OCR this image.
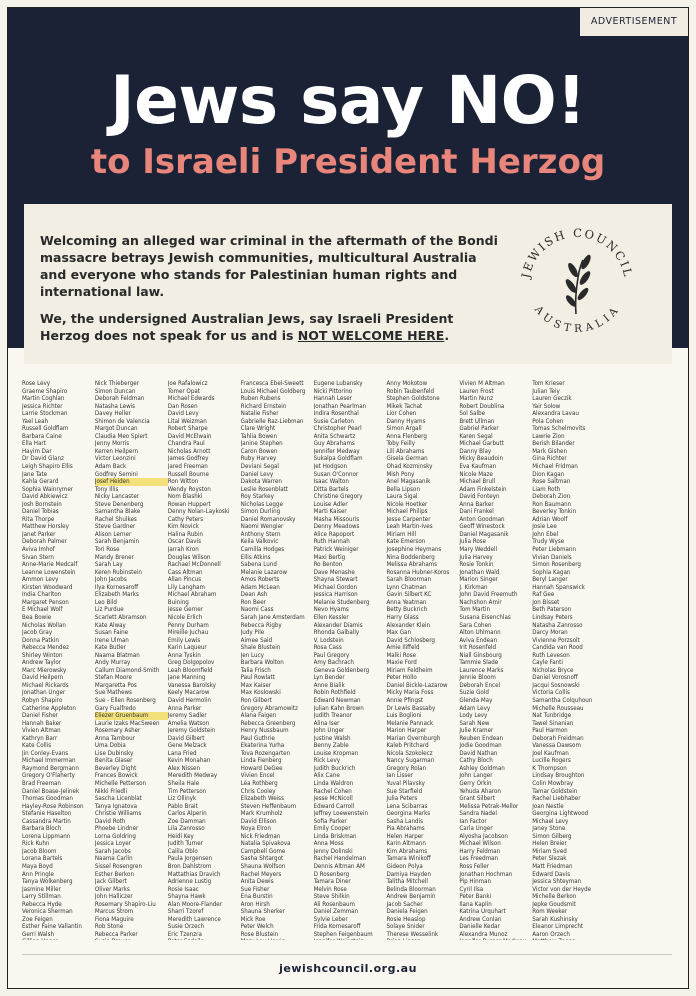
ADVERTISEMENT
Jews say NO!
to Israeli President Herzog

Welcoming an alleged war criminal in the aftermath of the Bondi massacre betrays Jewish communities, multicultural Australia and everyone who stands for Palestinian human rights and international law.

We, the undersigned Australian Jews, say Israeli President Herzog does not speak for us and is NOT WELCOME HERE.

JEWISH COUNCIL
AUSTRALIA
Rose Levy
Graeme Shapiro
Martin Coghlan
Jessica Richter
Larrie Stockman
Yael Leah
Russell Goldflam
Barbara Caine
Ella Hart
Hayim Dar
Dr David Glanz
Leigh Shapiro Ellis
Jane Tate
Kahla Gerard
Sophia Wainrymer
David Abkiewicz
Josh Bornstein
Daniel Tobias
Rita Thorpe
Matthew Horsley
Janet Parker
Deborah Palmer
Aviva Imhof
Sivan Stern
Anne-Marie Medcalf
Leanne Lowenstein
Ammon Levy
Kirsten Woodward
India Charlton
Margaret Penson
E Michael Wolf
Bea Bowie
Nicholas Wollan
Jacob Gray
Donna Patkin
Rebecca Mendez
Shirley Winton
Andrew Taylor
Marc Mierowsky
David Heilpern
Michael Rickards
Jonathan Unger
Robyn Shapiro
Catherine Appleton
Daniel Fisher
Hannah Baker
Vivien Altman
Kathryn Barr
Kate Collis
Jin Conley-Evans
Michael Immerman
Raymond Bergmann
Gregory O'Flaherty
Brad Freeman
Daniel Boase-Jelinek
Thomas Goodman
Hayley-Rose Robinson
Stefanie Haselton
Cassandra Martin
Barbara Bloch
Lorena Lippmann
Rick Kuhn
Jacob Bloom
Lorana Bartels
Maya Boyd
Ann Pringle
Tanya Wolkenberg
Jasmine Miller
Larry Stillman
Rebecca Hyde
Veronica Sherman
Zoe Feigen
Esther Faine Vallantin
Gerri Walsh
Nick Thieberger
Simon Duncan
Deborah Feldman
Natasha Lewis
Davey Heller
Shimon de Valencia
Margot Duncan
Claudia Meo Spiert
Jenny Morris
Kerren Heilpern
Victor Leonzini
Adam Back
Godfrey Semini
Josef Heiden
Tony Illis
Nicky Lancaster
Steve Denenberg
Samantha Blake
Rachel Shulkes
Steve Gardner
Alison Lerner
Sarah Benjamin
Tori Rose
Mandy Brener
Sarah Lay
Keren Rubinstein
John Jacobs
Ilya Kornesaroff
Elizabeth Marks
Leo Bild
Liz Purdue
Scarlett Abramson
Kate Alway
Susan Faine
Irene Ulman
Kate Butler
Naama Blatman
Andy Murray
Callum Diamond-Smith
Stefan Moore
Margaretta Pos
Sue Mathews
Sue - Ellen Rosenberg
Gary Fualfredo
Eliezer Gruenbaum
Laurie Izaks MacSween
Rosemary Asher
Anna Tambour
Uma Dobia
Lise Dubinsky
Benita Glaser
Beverley Dight
Frances Bowick
Michelle Petterson
Nikki Friedli
Sascha Licenblat
Tanya Ignatova
Christie Williams
David Roth
Phoebe Lindner
Lorna Goldring
Jessica Loyer
Sarah Jacobs
Naama Carlin
Sissel Rosengren
Esther Berkon
Jack Gilbert
Oliver Marks
John Halliczer
Rosemary Shapiro-Liu
Marcus Strom
Fiona Maguire
Rob Stone
Rebecca Parker
Joe Rafalowicz
Tomer Opat
Michael Edwards
Dan Rosen
David Levy
Lital Weizman
Robert Sharpe
David McElwain
Chandra Paul
Nicholas Arnott
James Godfrey
Jared Freeman
Russell Bourne
Ron Witton
Wendy Royston
Nom Blashki
Rowan Huppert
Denny Nolan-Laykoski
Cathy Peters
Kim Novick
Halina Rubin
Oscar Davis
Jarrah Kron
Douglas Wilson
Rachael McDonnell
Cass Altman
Allan Pincus
Lily Langham
Michael Abraham
Buining
Jesse Gerner
Nicole Erlich
Penny Durham
Mireille Juchau
Emily Lewis
Karin Laqueur
Anna Tyskin
Greg Dolgopolov
Leah Bloomfield
Jane Manning
Vanessa Barolsky
Keely Macarow
David Hermolin
Anna Parker
Jeremy Sadler
Amelia Watson
Jeremy Goldstein
David Gilbert
Gene Melzack
Lana Fried
Kevin Monahan
Alex Nissen
Meredith Medway
Sheila Hale
Tim Petterson
Liz Ollinyk
Pablo Brait
Carlos Alperin
Zoe Damman
Lila Zanrosso
Heidi Key
Judith Turner
Calila Oblo
Paula Jorgensen
Bron Dahlstrom
Mattathias Dravich
Adrienne Lustig
Rosie Isaac
Shayna Hawk
Alan Moore-Flander
Sharri Tzoref
Meredith Lawrence
Susie Orzech
Eric Tzenzra
Francesca Ebel-Sweett
Louis Michael Goldberg
Ruben Rubens
Richard Ernstein
Natalie Fisher
Gabrielle Raz-Liebman
Clare Wright
Tahlia Bowen
Janine Stephen
Caron Bowen
Ruby Harvey
Deviani Segal
Daniel Levy
Dakota Warren
Leslie Rosenblatt
Roy Starkey
Nicholas Legge
Simon Durling
Daniel Romanovsky
Naomi Wengier
Anthony Stern
Keila Valkovic
Camilla Hodges
Ellis Atkins
Sabena Lund
Melanie Lazarow
Amos Roberts
Adam McLean
Dean Ash
Ron Beer
Naomi Cass
Sarah Jane Amsterdam
Rebecca Rigby
Judy Pile
Aimee Said
Shale Blustein
Jen Lucy
Barbara Wolton
Talia Frisch
Paul Rowlatt
Max Kaiser
Max Koslowski
Ron Gilbert
Gregory Abramowitz
Alana Faigen
Rebecca Greenberg
Henry Nussbaum
Paul Guthrie
Ekaterina Yurha
Tova Rozengarten
Linda Fienberg
Howard DeGee
Vivien Encel
Léa Rothberg
Chris Cooley
Elizabeth Weiss
Steven Heffenbaum
Mark Krumholz
David Ellison
Noya Elron
Nick Friedman
Natalia Spivakova
Campbell Gome
Sasha Shtargot
Shauna Wolfson
Rachel Meyers
Anita Dewis
Sue Fisher
Ena Burstin
Aron Hirsh
Shauna Sherker
Mick Roe
Peter Welch
Rose Blustein
Eugene Lubansky
Nicki Pittorino
Hannah Leser
Jonathan Pearlman
Indira Rosenthal
Susie Carleton
Christopher Pearl
Anita Schwartz
Guy Abrahams
Jennifer Medway
Sukalpa Goldflam
Jet Hodgson
Susan O'Connor
Isaac Walton
Ditta Bartels
Christine Gregory
Louise Adler
Marti Kaiser
Masha Missouris
Denny Meadows
Alice Rapoport
Ruth Hannah
Patrick Weiniger
Maxi Bertig
Ro Benton
Dave Menashe
Shayna Stewart
Michael Gordon
Jessica Harrison
Melanie Studenberg
Nevo Hyams
Ellen Kessler
Alexander Diamis
Rhonda Galbally
V. Lodstein
Rosa Cass
Paul Gregory
Amy Bachrach
Geneva Goldenberg
Lyn Bender
Anne Bialik
Robin Rothfield
Edward Newman
Julian Kahn Brown
Judith Treanor
Alina Iser
John Unger
Justine Walsh
Benny Zable
Louise Kropman
Rick Levy
Judith Buckrich
Alix Cane
Linda Waldron
Rachel Cohen
Jesse McNicoll
Edward Carroll
Jeffrey Loewenstein
Sofia Parker
Emily Cooper
Linda Briskman
Anna Moss
Jenny Dolinski
Rachel Handelman
Dennis Altman AM
D Rosenberg
Tamara Diner
Melvin Rose
Steve Shilkin
Ali Rosenbaum
Daniel Zemman
Sylvie Leber
Frida Kornesaroff
Stephen Feigenbaum
Anny Mokotow
Robin Taubenfeld
Stephen Goldstone
Mikek Tachat
Lior Cohen
Danny Hyams
Simon Argall
Anna Flenberg
Toby Feilly
Lili Abrahams
Gisela German
Ohad Kozminsky
Mish Pony
Anel Magasanik
Bella Lipson
Laura Sigal
Nicole Hoetker
Michael Philips
Jesse Carpenter
Leah Martin-Ives
Miriam Hill
Kate Emerson
Josephine Heymans
Nina Boddenberg
Melissa Abrahams
Rosanna Hubner-Koros
Sarah Bloorman
Lynn Chatman
Gavin Silbert KC
Anna Yeatman
Betty Buckrich
Harry Glass
Alexander Klein
Max Gan
David Schlosberg
Amie Iliffeld
Malki Rose
Maxie Ford
Miriam Feldheim
Peter Hollo
Daniel Bickle-Lazarow
Micky Maria Foss
Annie Pfingst
Dr Lewis Bassaby
Luis Boglioni
Melanie Pannack
Marion Harper
Marian Overnburgh
Kaleb Pritchard
Nicola Szokolecz
Nancy Sugarman
Gregory Rolan
Ian Lisser
Yuval Pilavsky
Sue Starfield
Julia Peters
Lena Scibarras
Georgina Marks
Sasha Landis
Pia Abrahams
Helen Harper
Karin Altmann
Kim Abrahams
Tamara Winikoff
Gideon Polya
Damiya Hayden
Talitha Mitchell
Belinda Bloorman
Andrew Benjamin
Jacob Sacher
Daniela Feigen
Rosie Heaslop
Solaye Snider
Therese Wesselink
Vivien M Altman
Lauren Frost
Martin Nunz
Robert Doublina
Sol Salbe
Brett Ullman
Gabriel Parker
Karen Segal
Michael Garbutt
Danny Blay
Micky Beaudoin
Eva Kaufman
Nicole Maze
Michael Brull
Adam Finkelstein
David Fonteyn
Anna Barker
Dani Frankel
Anton Goodman
Geoff Winestock
Daniel Magasanik
Julia Rose
Mary Weddell
Julia Harvey
Rosie Tonkin
Jonathan Wald
Marion Singer
J. Kirkman
John David Freemuth
Nachshon Amir
Tom Martin
Susana Eisenchlas
Sara Cohen
Alton Uhlmann
Aviva Endean
Irit Rosenfeld
Niall Ginsbourg
Tammie Slade
Laurence Marks
Jennie Bloom
Deborah Encel
Suzie Gold
Glenda May
Adam Levy
Lody Levy
Sarah New
Julie Kramer
Reuben Endean
Jodie Goodman
David Nathan
Cathy Bloch
Ashley Goldman
John Langer
Gerry Orkin
Yehuda Aharon
Grant Silbert
Melissa Petrak-Mellor
Sandra Nadel
Ian Factor
Carla Unger
Alyosha Jacobson
Michael Wilson
Harry Feldman
Les Freedman
Ross Feller
Jonathan Hochman
Pip Hinman
Cyril Ilsa
Peter Banki
Ilana Kaplin
Katrina Urquhart
Andrew Conlan
Danielle Kedar
Alexandra Munoz
Tom Krieser
Julian Teiy
Lauren Geczik
Yair Solow
Alexandra Lavau
Pola Cohen
Tomas Schelmovits
Lawrie Zion
Berish Bilander
Mark Gishen
Gina Richter
Michael Fridman
Dion Kagan
Rose Saltman
Liam Roth
Deborah Zion
Ron Baumann
Beverley Tonkin
Adrian Woolf
Josie Lee
John Ebel
Trudy Wyse
Peter Liebmann
Vivian Daniels
Simon Rosenberg
Sophia Kagan
Beryl Langer
Hannah Spanswick
Raf Gee
Jon Bisset
Beth Paterson
Lindsay Peters
Natasha Zanrosso
Darcy Moran
Vivienne Porzsolt
Candida van Rood
Ruth Leveson
Cayle Fanti
Nicholas Bryce
Daniel Vorosnoff
Jacqui Sosnowski
Victoria Collis
Samantha Colquhoun
Michelle Rousseau
Nat Tunbridge
Tawel Sinanian
Paul Harmon
Deborah Freidman
Vanessa Dawsom
Joel Kaufman
Lucille Rogers
K Thompson
Lindsay Broughton
Colin Mowbray
Tamar Goldstein
Rachel Liebhaber
Joan Nestle
Georgina Lightwood
Michael Levy
Janey Stone
Simon Gilberg
Helen Breier
Miriam Sved
Peter Slezak
Matt Friedman
Edward Davis
Jessica Shteyman
Victor von der Heyde
Michelle Berkon
Jepke Goudsmit
Rom Weeker
Sarah Kushinsky
Eleanor Limprecht
Aaron Orzech
jewishcouncil.org.au
